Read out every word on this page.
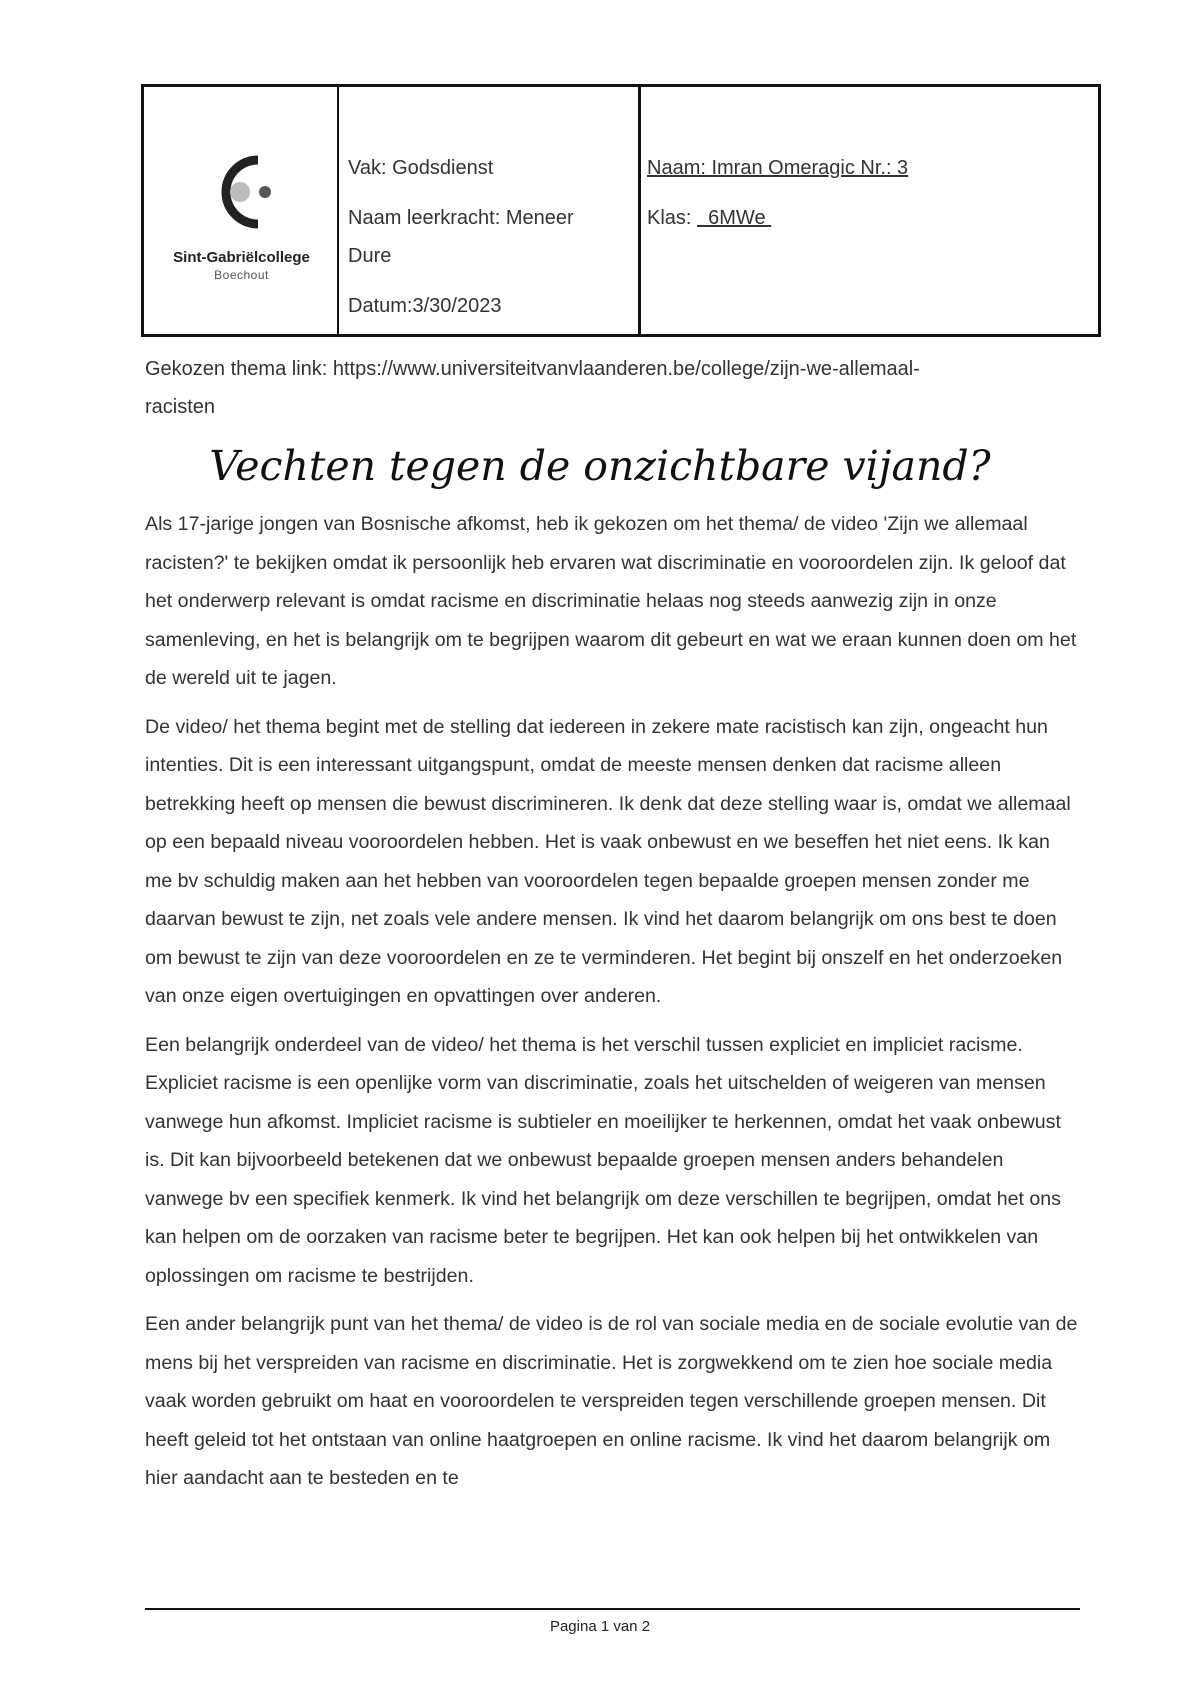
Sint-Gabriëlcollege
Boechout
Vak: Godsdienst
Naam leerkracht: Meneer
Dure
Datum:3/30/2023
Naam: Imran Omeragic Nr.: 3
Klas:   6MWe
Gekozen thema link: https://www.universiteitvanvlaanderen.be/college/zijn-we-allemaal-
racisten
Vechten tegen de onzichtbare vijand?

Als 17-jarige jongen van Bosnische afkomst, heb ik gekozen om het thema/ de video 'Zijn we allemaal racisten?' te bekijken omdat ik persoonlijk heb ervaren wat discriminatie en vooroordelen zijn. Ik geloof dat het onderwerp relevant is omdat racisme en discriminatie helaas nog steeds aanwezig zijn in onze samenleving, en het is belangrijk om te begrijpen waarom dit gebeurt en wat we eraan kunnen doen om het de wereld uit te jagen.

De video/ het thema begint met de stelling dat iedereen in zekere mate racistisch kan zijn, ongeacht hun intenties. Dit is een interessant uitgangspunt, omdat de meeste mensen denken dat racisme alleen betrekking heeft op mensen die bewust discrimineren. Ik denk dat deze stelling waar is, omdat we allemaal op een bepaald niveau vooroordelen hebben. Het is vaak onbewust en we beseffen het niet eens. Ik kan me bv schuldig maken aan het hebben van vooroordelen tegen bepaalde groepen mensen zonder me daarvan bewust te zijn, net zoals vele andere mensen. Ik vind het daarom belangrijk om ons best te doen om bewust te zijn van deze vooroordelen en ze te verminderen. Het begint bij onszelf en het onderzoeken van onze eigen overtuigingen en opvattingen over anderen.

Een belangrijk onderdeel van de video/ het thema is het verschil tussen expliciet en impliciet racisme. Expliciet racisme is een openlijke vorm van discriminatie, zoals het uitschelden of weigeren van mensen vanwege hun afkomst. Impliciet racisme is subtieler en moeilijker te herkennen, omdat het vaak onbewust is. Dit kan bijvoorbeeld betekenen dat we onbewust bepaalde groepen mensen anders behandelen vanwege bv een specifiek kenmerk. Ik vind het belangrijk om deze verschillen te begrijpen, omdat het ons kan helpen om de oorzaken van racisme beter te begrijpen. Het kan ook helpen bij het ontwikkelen van oplossingen om racisme te bestrijden.

Een ander belangrijk punt van het thema/ de video is de rol van sociale media en de sociale evolutie van de mens bij het verspreiden van racisme en discriminatie. Het is zorgwekkend om te zien hoe sociale media vaak worden gebruikt om haat en vooroordelen te verspreiden tegen verschillende groepen mensen. Dit heeft geleid tot het ontstaan van online haatgroepen en online racisme. Ik vind het daarom belangrijk om hier aandacht aan te besteden en te

Pagina 1 van 2
